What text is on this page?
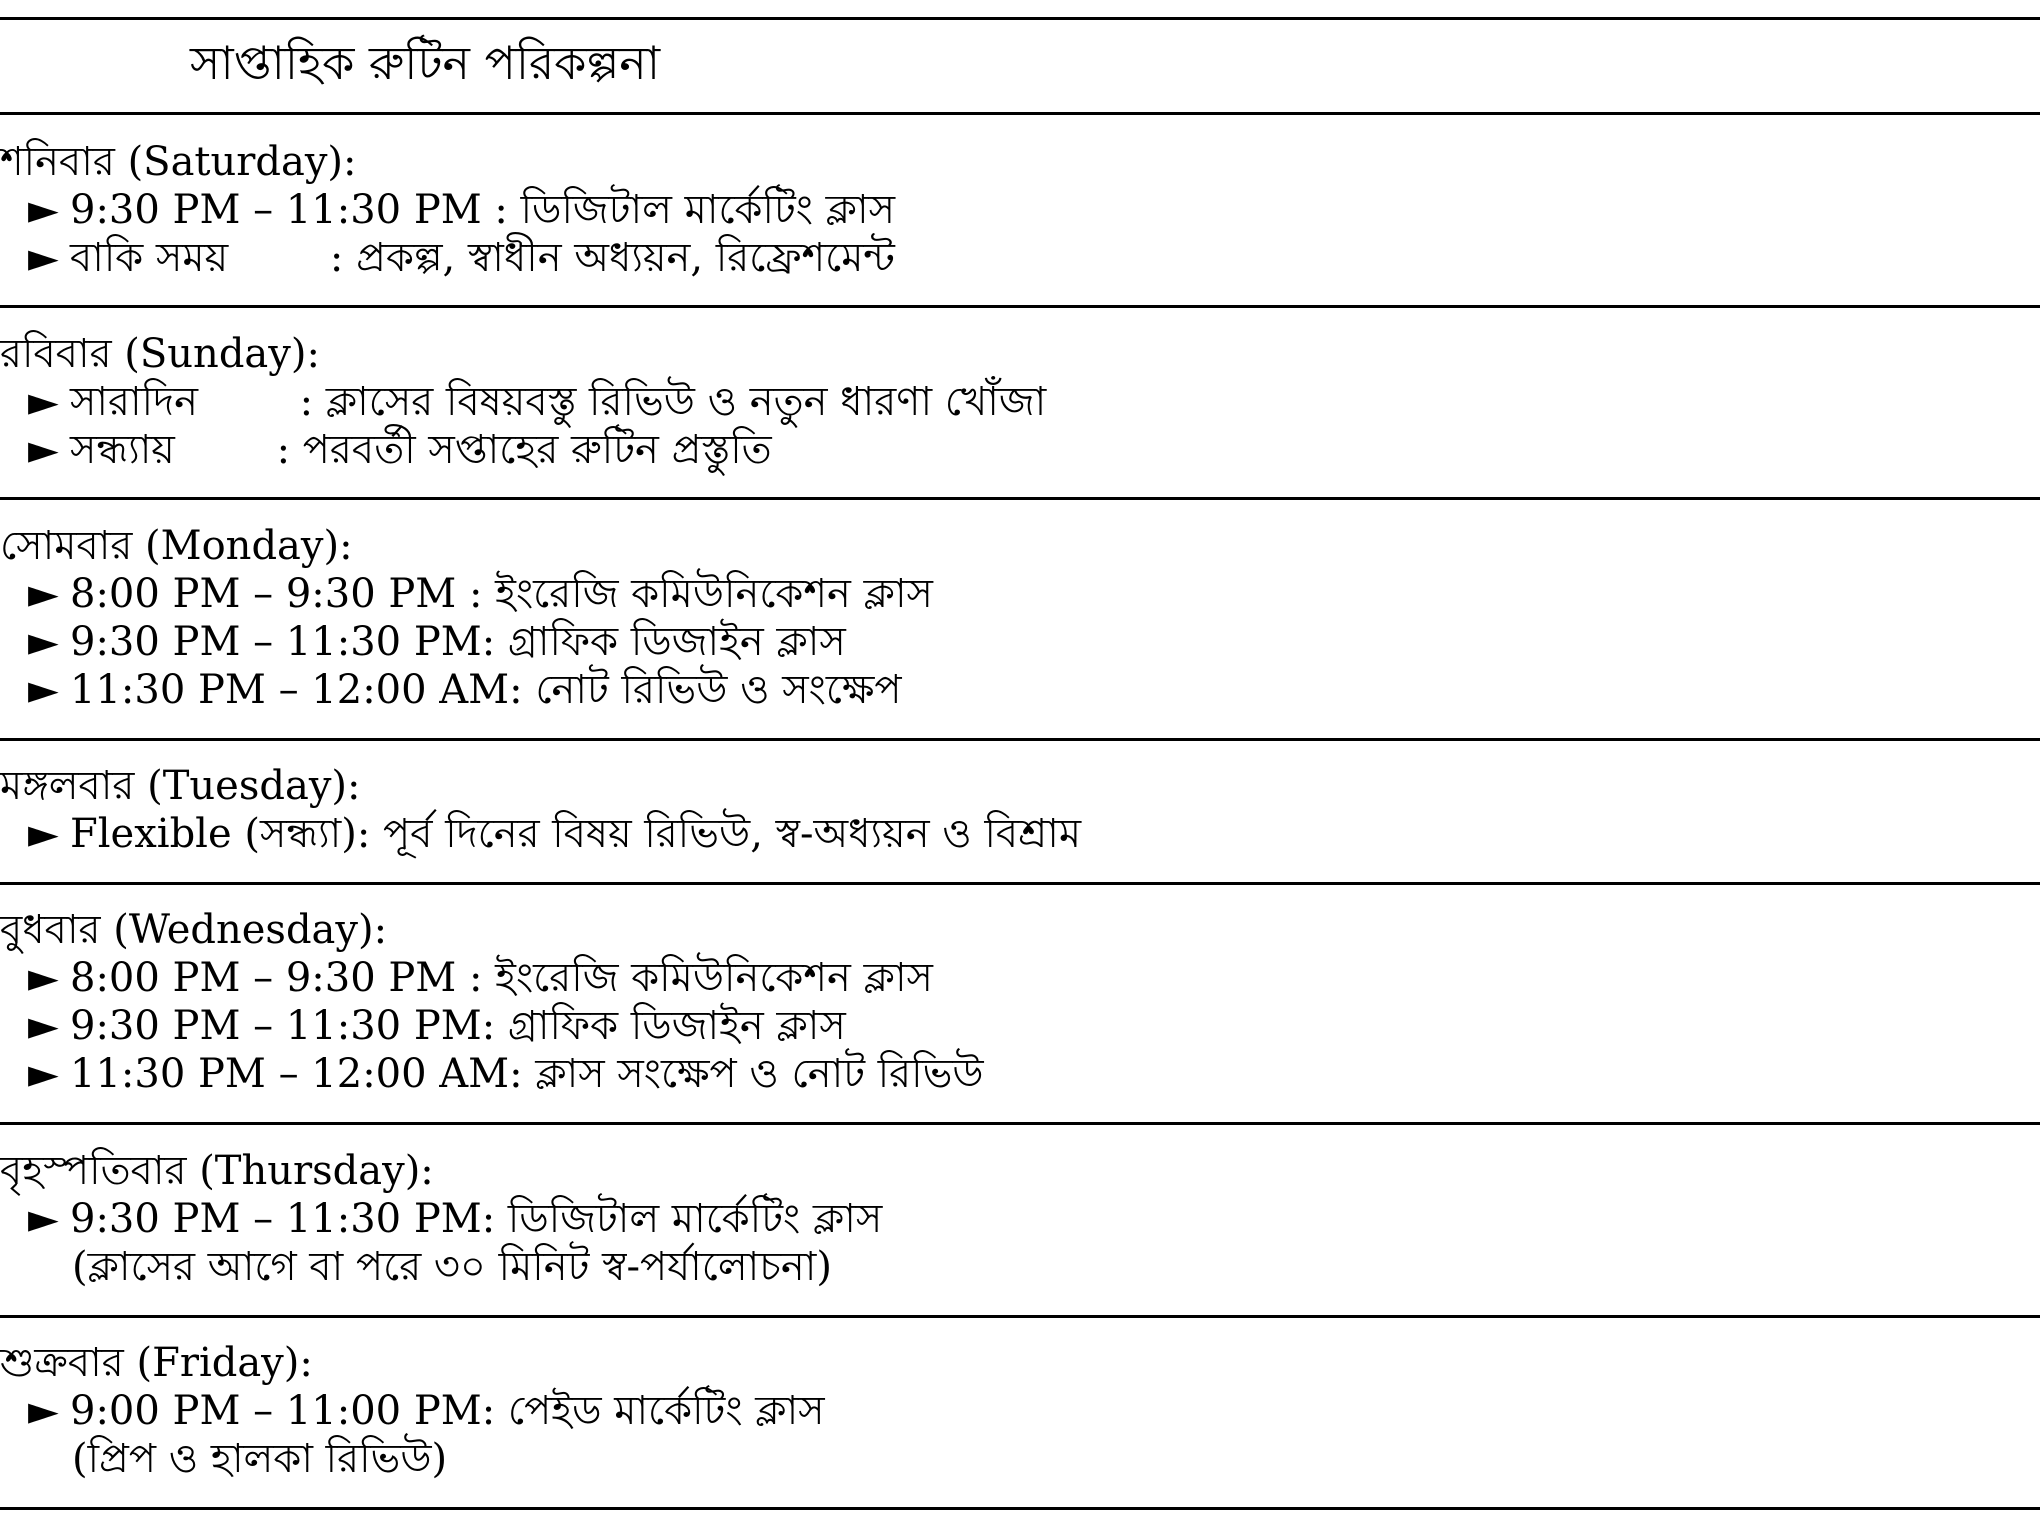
সাপ্তাহিক রুটিন পরিকল্পনা
শনিবার (Saturday):
► 9:30 PM – 11:30 PM : ডিজিটাল মার্কেটিং ক্লাস
► বাকি সময়        : প্রকল্প, স্বাধীন অধ্যয়ন, রিফ্রেশমেন্ট
রবিবার (Sunday):
► সারাদিন        : ক্লাসের বিষয়বস্তু রিভিউ ও নতুন ধারণা খোঁজা
► সন্ধ্যায়        : পরবর্তী সপ্তাহের রুটিন প্রস্তুতি
সোমবার (Monday):
► 8:00 PM – 9:30 PM : ইংরেজি কমিউনিকেশন ক্লাস
► 9:30 PM – 11:30 PM: গ্রাফিক ডিজাইন ক্লাস
► 11:30 PM – 12:00 AM: নোট রিভিউ ও সংক্ষেপ
মঙ্গলবার (Tuesday):
► Flexible (সন্ধ্যা): পূর্ব দিনের বিষয় রিভিউ, স্ব-অধ্যয়ন ও বিশ্রাম
বুধবার (Wednesday):
► 8:00 PM – 9:30 PM : ইংরেজি কমিউনিকেশন ক্লাস
► 9:30 PM – 11:30 PM: গ্রাফিক ডিজাইন ক্লাস
► 11:30 PM – 12:00 AM: ক্লাস সংক্ষেপ ও নোট রিভিউ
বৃহস্পতিবার (Thursday):
► 9:30 PM – 11:30 PM: ডিজিটাল মার্কেটিং ক্লাস
(ক্লাসের আগে বা পরে ৩০ মিনিট স্ব-পর্যালোচনা)
শুক্রবার (Friday):
► 9:00 PM – 11:00 PM: পেইড মার্কেটিং ক্লাস
(প্রিপ ও হালকা রিভিউ)
